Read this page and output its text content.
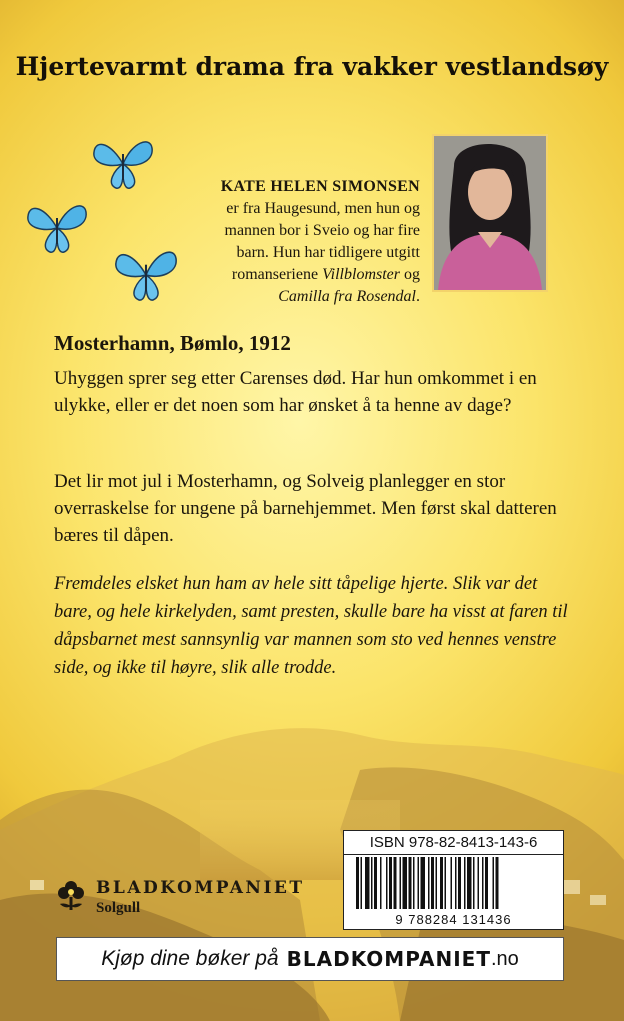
Hjertevarmt drama fra vakker vestlandsøy
KATE HELEN SIMONSEN
er fra Haugesund, men hun og
mannen bor i Sveio og har fire
barn. Hun har tidligere utgitt
romanseriene Villblomster og
Camilla fra Rosendal.
Mosterhamn, Bømlo, 1912
Uhyggen sprer seg etter Carenses død. Har hun omkommet i en ulykke, eller er det noen som har ønsket å ta henne av dage?
Det lir mot jul i Mosterhamn, og Solveig planlegger en stor overraskelse for ungene på barnehjemmet. Men først skal datteren bæres til dåpen.
Fremdeles elsket hun ham av hele sitt tåpelige hjerte. Slik var det bare, og hele kirkelyden, samt presten, skulle bare ha visst at faren til dåpsbarnet mest sannsynlig var mannen som sto ved hennes venstre side, og ikke til høyre, slik alle trodde.
BLADKOMPANIET
Solgull
ISBN 978-82-8413-143-6
9 788284 131436
Kjøp dine bøker på BLADKOMPANIET .no
